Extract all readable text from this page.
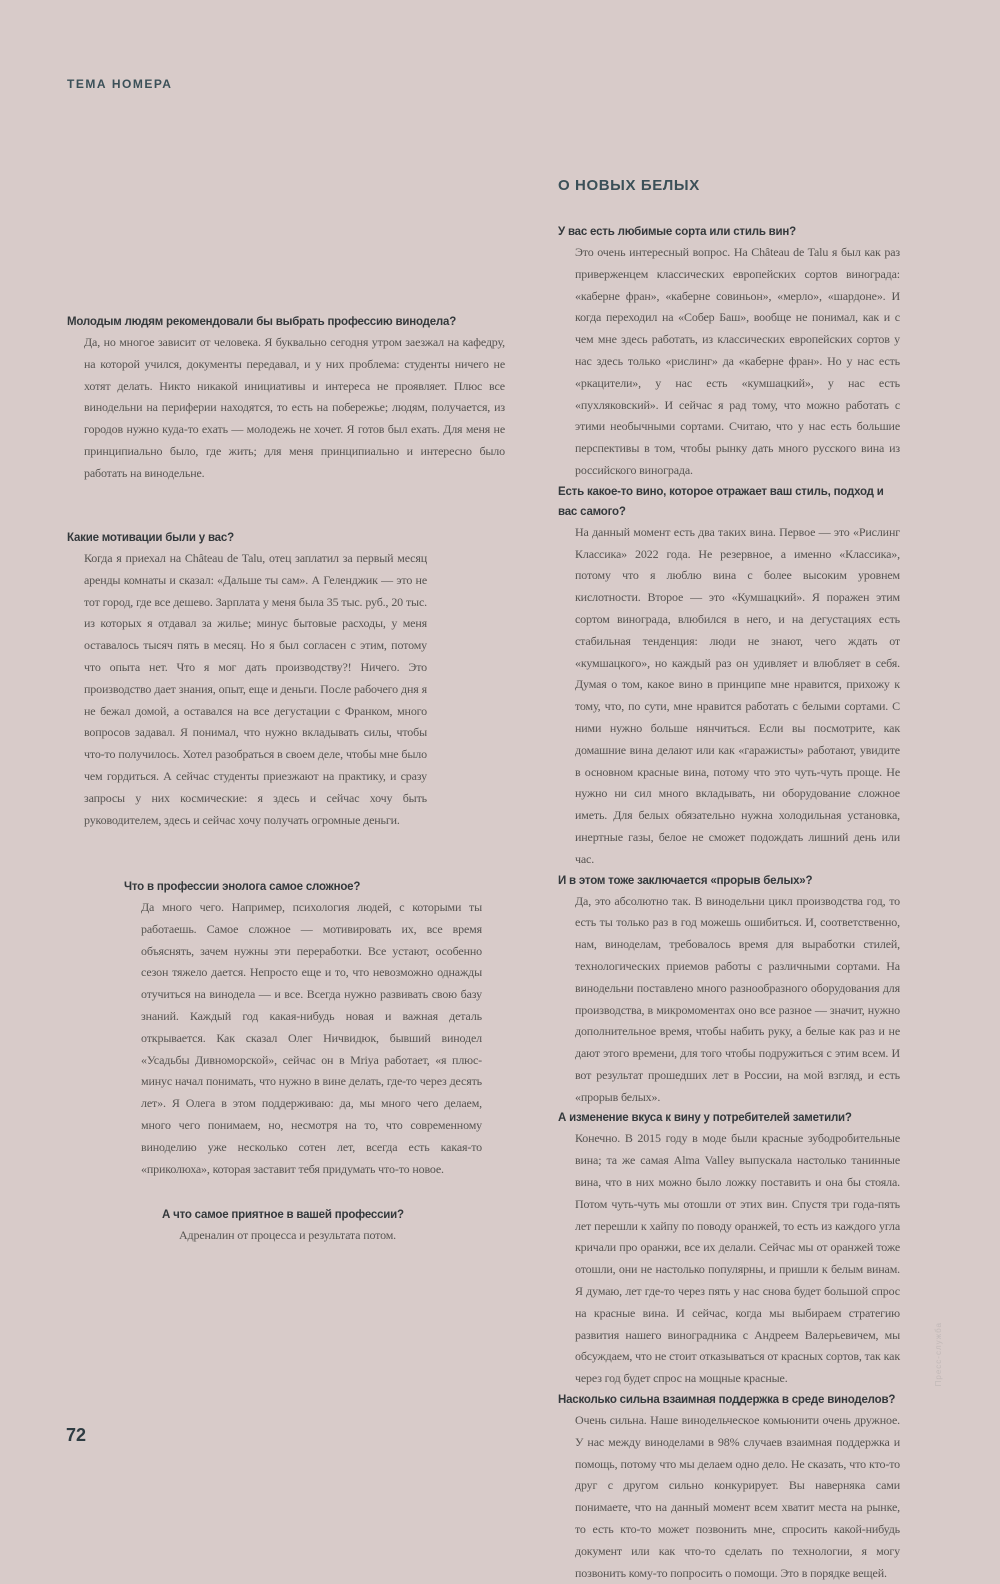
ТЕМА НОМЕРА

Молодым людям рекомендовали бы выбрать профессию винодела?

Да, но многое зависит от человека. Я буквально сегодня утром заезжал на кафедру, на которой учился, документы передавал, и у них проблема: студенты ничего не хотят делать. Никто никакой инициативы и интереса не проявляет. Плюс все винодельни на периферии находятся, то есть на побережье; людям, получается, из городов нужно куда-то ехать — молодежь не хочет. Я готов был ехать. Для меня не принципиально было, где жить; для меня принципиально и интересно было работать на винодельне.

Какие мотивации были у вас?

Когда я приехал на Château de Talu, отец заплатил за первый месяц аренды комнаты и сказал: «Дальше ты сам». А Геленджик — это не тот город, где все дешево. Зарплата у меня была 35 тыс. руб., 20 тыс. из которых я отдавал за жилье; минус бытовые расходы, у меня оставалось тысяч пять в месяц. Но я был согласен с этим, потому что опыта нет. Что я мог дать производству?! Ничего. Это производство дает знания, опыт, еще и деньги. После рабочего дня я не бежал домой, а оставался на все дегустации с Франком, много вопросов задавал. Я понимал, что нужно вкладывать силы, чтобы что-то получилось. Хотел разобраться в своем деле, чтобы мне было чем гордиться. А сейчас студенты приезжают на практику, и сразу запросы у них космические: я здесь и сейчас хочу быть руководителем, здесь и сейчас хочу получать огромные деньги.

Что в профессии энолога самое сложное?

Да много чего. Например, психология людей, с которыми ты работаешь. Самое сложное — мотивировать их, все время объяснять, зачем нужны эти переработки. Все устают, особенно сезон тяжело дается. Непросто еще и то, что невозможно однажды отучиться на винодела — и все. Всегда нужно развивать свою базу знаний. Каждый год какая-нибудь новая и важная деталь открывается. Как сказал Олег Ничвидюк, бывший винодел «Усадьбы Дивноморской», сейчас он в Mriya работает, «я плюс-минус начал понимать, что нужно в вине делать, где-то через десять лет». Я Олега в этом поддерживаю: да, мы много чего делаем, много чего понимаем, но, несмотря на то, что современному виноделию уже несколько сотен лет, всегда есть какая-то «приколюха», которая заставит тебя придумать что-то новое.

А что самое приятное в вашей профессии?

Адреналин от процесса и результата потом.

О НОВЫХ БЕЛЫХ

У вас есть любимые сорта или стиль вин?

Это очень интересный вопрос. На Château de Talu я был как раз приверженцем классических европейских сортов винограда: «каберне фран», «каберне совиньон», «мерло», «шардоне». И когда переходил на «Собер Баш», вообще не понимал, как и с чем мне здесь работать, из классических европейских сортов у нас здесь только «рислинг» да «каберне фран». Но у нас есть «ркацители», у нас есть «кумшацкий», у нас есть «пухляковский». И сейчас я рад тому, что можно работать с этими необычными сортами. Считаю, что у нас есть большие перспективы в том, чтобы рынку дать много русского вина из российского винограда.

Есть какое-то вино, которое отражает ваш стиль, подход и вас самого?

На данный момент есть два таких вина. Первое — это «Рислинг Классика» 2022 года. Не резервное, а именно «Классика», потому что я люблю вина с более высоким уровнем кислотности. Второе — это «Кумшацкий». Я поражен этим сортом винограда, влюбился в него, и на дегустациях есть стабильная тенденция: люди не знают, чего ждать от «кумшацкого», но каждый раз он удивляет и влюбляет в себя. Думая о том, какое вино в принципе мне нравится, прихожу к тому, что, по сути, мне нравится работать с белыми сортами. С ними нужно больше нянчиться. Если вы посмотрите, как домашние вина делают или как «гаражисты» работают, увидите в основном красные вина, потому что это чуть-чуть проще. Не нужно ни сил много вкладывать, ни оборудование сложное иметь. Для белых обязательно нужна холодильная установка, инертные газы, белое не сможет подождать лишний день или час.

И в этом тоже заключается «прорыв белых»?

Да, это абсолютно так. В винодельни цикл производства год, то есть ты только раз в год можешь ошибиться. И, соответственно, нам, виноделам, требовалось время для выработки стилей, технологических приемов работы с различными сортами. На винодельни поставлено много разнообразного оборудования для производства, в микромоментах оно все разное — значит, нужно дополнительное время, чтобы набить руку, а белые как раз и не дают этого времени, для того чтобы подружиться с этим всем. И вот результат прошедших лет в России, на мой взгляд, и есть «прорыв белых».

А изменение вкуса к вину у потребителей заметили?

Конечно. В 2015 году в моде были красные зубодробительные вина; та же самая Alma Valley выпускала настолько танинные вина, что в них можно было ложку поставить и она бы стояла. Потом чуть-чуть мы отошли от этих вин. Спустя три года-пять лет перешли к хайпу по поводу оранжей, то есть из каждого угла кричали про оранжи, все их делали. Сейчас мы от оранжей тоже отошли, они не настолько популярны, и пришли к белым винам. Я думаю, лет где-то через пять у нас снова будет большой спрос на красные вина. И сейчас, когда мы выбираем стратегию развития нашего виноградника с Андреем Валерьевичем, мы обсуждаем, что не стоит отказываться от красных сортов, так как через год будет спрос на мощные красные.

Насколько сильна взаимная поддержка в среде виноделов?

Очень сильна. Наше винодельческое комьюнити очень дружное. У нас между виноделами в 98% случаев взаимная поддержка и помощь, потому что мы делаем одно дело. Не сказать, что кто-то друг с другом сильно конкурирует. Вы наверняка сами понимаете, что на данный момент всем хватит места на рынке, то есть кто-то может позвонить мне, спросить какой-нибудь документ или как что-то сделать по технологии, я могу позвонить кому-то попросить о помощи. Это в порядке вещей.

72
Пресс-служба
